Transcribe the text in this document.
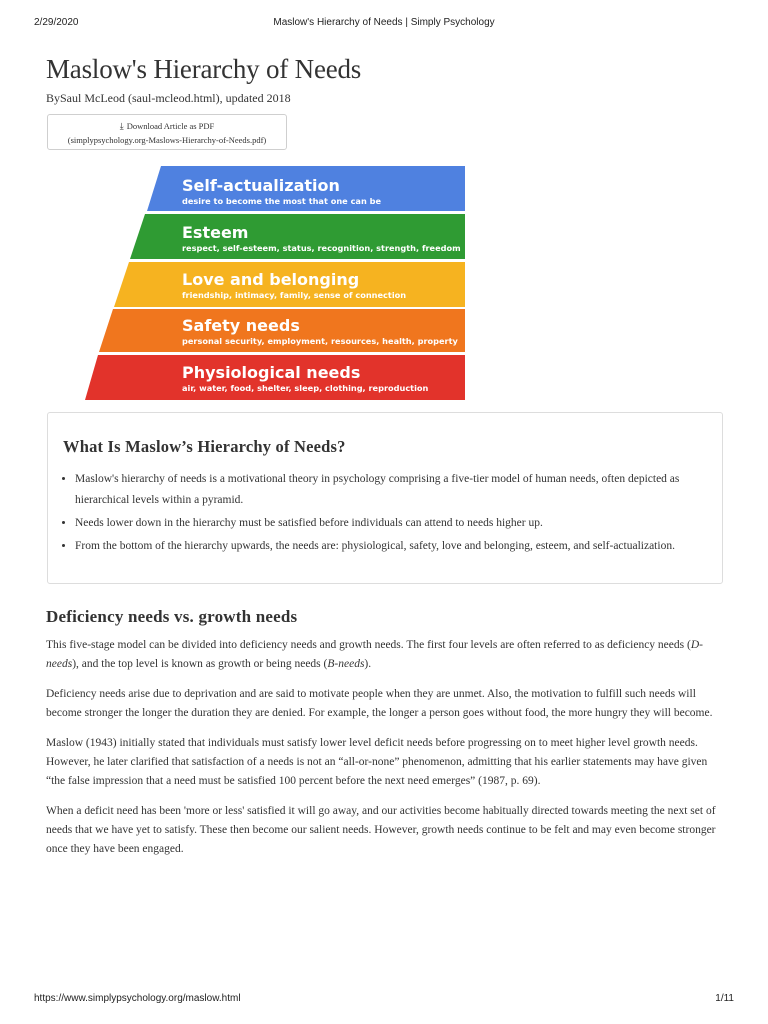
2/29/2020	Maslow's Hierarchy of Needs | Simply Psychology
Maslow's Hierarchy of Needs
BySaul McLeod (saul-mcleod.html), updated 2018
⤓ Download Article as PDF
(simplypsychology.org-Maslows-Hierarchy-of-Needs.pdf)
Self-actualization
desire to become the most that one can be
Esteem
respect, self-esteem, status, recognition, strength, freedom
Love and belonging
friendship, intimacy, family, sense of connection
Safety needs
personal security, employment, resources, health, property
Physiological needs
air, water, food, shelter, sleep, clothing, reproduction
What Is Maslow’s Hierarchy of Needs?
• Maslow's hierarchy of needs is a motivational theory in psychology comprising a five-tier model of human needs, often depicted as hierarchical levels within a pyramid.
• Needs lower down in the hierarchy must be satisfied before individuals can attend to needs higher up.
• From the bottom of the hierarchy upwards, the needs are: physiological, safety, love and belonging, esteem, and self-actualization.
Deficiency needs vs. growth needs

This five-stage model can be divided into deficiency needs and growth needs. The first four levels are often referred to as deficiency needs (D-needs), and the top level is known as growth or being needs (B-needs).

Deficiency needs arise due to deprivation and are said to motivate people when they are unmet. Also, the motivation to fulfill such needs will become stronger the longer the duration they are denied. For example, the longer a person goes without food, the more hungry they will become.

Maslow (1943) initially stated that individuals must satisfy lower level deficit needs before progressing on to meet higher level growth needs. However, he later clarified that satisfaction of a needs is not an “all-or-none” phenomenon, admitting that his earlier statements may have given “the false impression that a need must be satisfied 100 percent before the next need emerges” (1987, p. 69).

When a deficit need has been 'more or less' satisfied it will go away, and our activities become habitually directed towards meeting the next set of needs that we have yet to satisfy. These then become our salient needs. However, growth needs continue to be felt and may even become stronger once they have been engaged.

https://www.simplypsychology.org/maslow.html	1/11
